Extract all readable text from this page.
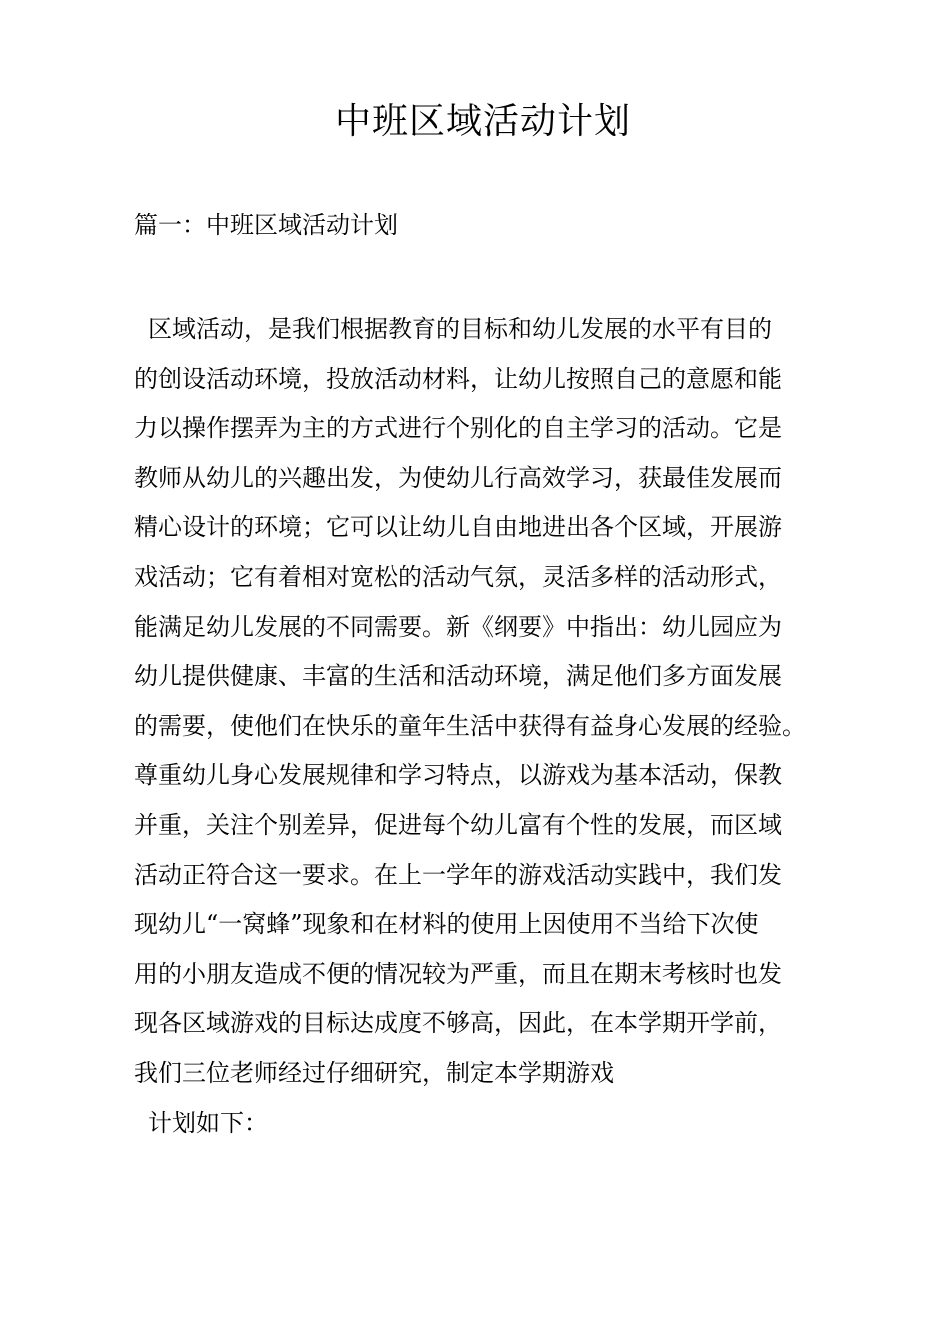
中班区域活动计划
篇一：中班区域活动计划
区域活动，是我们根据教育的目标和幼儿发展的水平有目的
的创设活动环境，投放活动材料，让幼儿按照自己的意愿和能
力以操作摆弄为主的方式进行个别化的自主学习的活动。它是
教师从幼儿的兴趣出发，为使幼儿行高效学习，获最佳发展而
精心设计的环境；它可以让幼儿自由地进出各个区域，开展游
戏活动；它有着相对宽松的活动气氛，灵活多样的活动形式，
能满足幼儿发展的不同需要。新《纲要》中指出：幼儿园应为
幼儿提供健康、丰富的生活和活动环境，满足他们多方面发展
的需要，使他们在快乐的童年生活中获得有益身心发展的经验。
尊重幼儿身心发展规律和学习特点，以游戏为基本活动，保教
并重，关注个别差异，促进每个幼儿富有个性的发展，而区域
活动正符合这一要求。在上一学年的游戏活动实践中，我们发
现幼儿“一窝蜂”现象和在材料的使用上因使用不当给下次使
用的小朋友造成不便的情况较为严重，而且在期末考核时也发
现各区域游戏的目标达成度不够高，因此，在本学期开学前，
我们三位老师经过仔细研究，制定本学期游戏
计划如下：
